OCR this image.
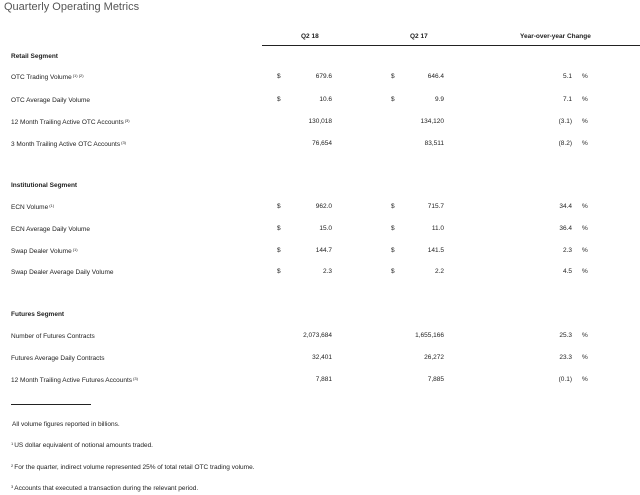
Quarterly Operating Metrics
Q2 18	Q2 17	Year-over-year Change
Retail Segment
OTC Trading Volume$^{(1) (2)}$	$	679.6	$	646.4	5.1 %
OTC Average Daily Volume	$	10.6	$	9.9	7.1 %
12 Month Trailing Active OTC Accounts$^{(3)}$	130,018	134,120	(3.1) %
3 Month Trailing Active OTC Accounts$^{(3)}$	76,654	83,511	(8.2) %
Institutional Segment
ECN Volume$^{(1)}$	$	962.0	$	715.7	34.4 %
ECN Average Daily Volume	$	15.0	$	11.0	36.4 %
Swap Dealer Volume$^{(1)}$	$	144.7	$	141.5	2.3 %
Swap Dealer Average Daily Volume	$	2.3	$	2.2	4.5 %
Futures Segment
Number of Futures Contracts	2,073,684	1,655,166	25.3 %
Futures Average Daily Contracts	32,401	26,272	23.3 %
12 Month Trailing Active Futures Accounts$^{(3)}$	7,881	7,885	(0.1) %
All volume figures reported in billions.
$^1$US dollar equivalent of notional amounts traded.
$^2$For the quarter, indirect volume represented 25% of total retail OTC trading volume.
$^3$Accounts that executed a transaction during the relevant period.
